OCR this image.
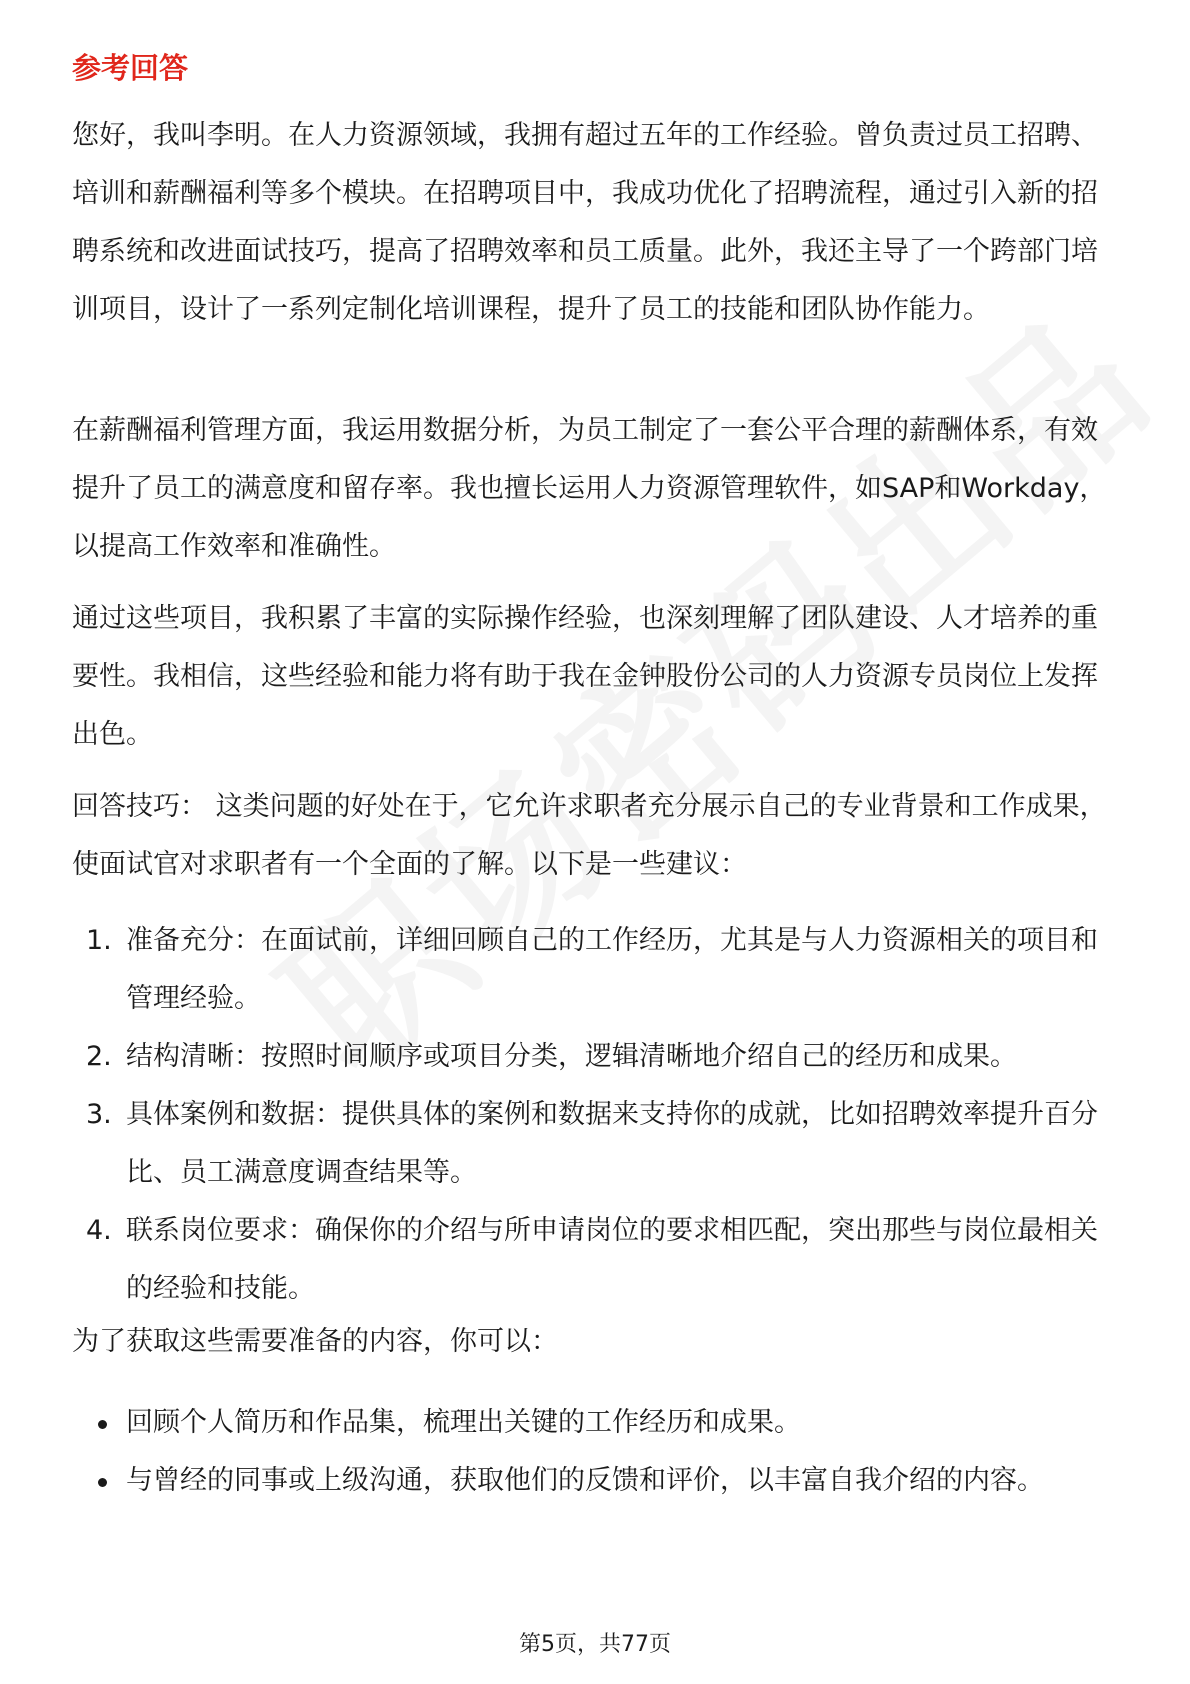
参考回答

您好，我叫李明。在人力资源领域，我拥有超过五年的工作经验。曾负责过员工招聘、培训和薪酬福利等多个模块。在招聘项目中，我成功优化了招聘流程，通过引入新的招聘系统和改进面试技巧，提高了招聘效率和员工质量。此外，我还主导了一个跨部门培训项目，设计了一系列定制化培训课程，提升了员工的技能和团队协作能力。

在薪酬福利管理方面，我运用数据分析，为员工制定了一套公平合理的薪酬体系，有效提升了员工的满意度和留存率。我也擅长运用人力资源管理软件，如SAP和Workday，以提高工作效率和准确性。

通过这些项目，我积累了丰富的实际操作经验，也深刻理解了团队建设、人才培养的重要性。我相信，这些经验和能力将有助于我在金钟股份公司的人力资源专员岗位上发挥出色。

回答技巧： 这类问题的好处在于，它允许求职者充分展示自己的专业背景和工作成果，使面试官对求职者有一个全面的了解。以下是一些建议：

1. 准备充分：在面试前，详细回顾自己的工作经历，尤其是与人力资源相关的项目和管理经验。
2. 结构清晰：按照时间顺序或项目分类，逻辑清晰地介绍自己的经历和成果。
3. 具体案例和数据：提供具体的案例和数据来支持你的成就，比如招聘效率提升百分比、员工满意度调查结果等。
4. 联系岗位要求：确保你的介绍与所申请岗位的要求相匹配，突出那些与岗位最相关的经验和技能。

为了获取这些需要准备的内容，你可以：

回顾个人简历和作品集，梳理出关键的工作经历和成果。
与曾经的同事或上级沟通，获取他们的反馈和评价，以丰富自我介绍的内容。
第5页，共77页
